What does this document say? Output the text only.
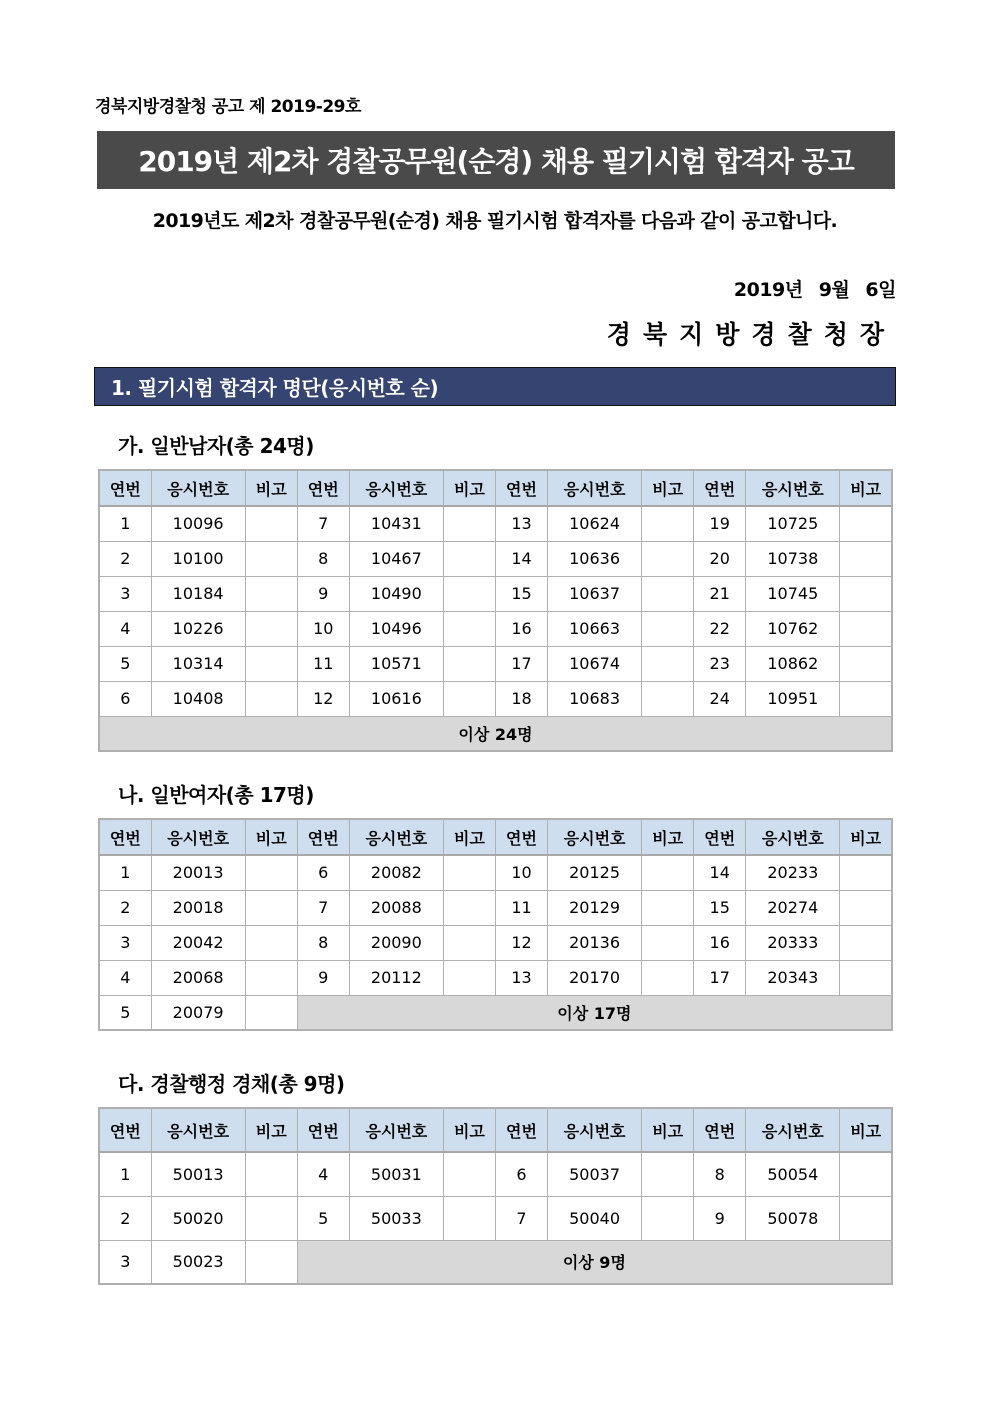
경북지방경찰청 공고 제 2019-29호
2019년 제2차 경찰공무원(순경) 채용 필기시험 합격자 공고
2019년도 제2차 경찰공무원(순경) 채용 필기시험 합격자를 다음과 같이 공고합니다.
2019년 9월 6일
경북지방경찰청장
1. 필기시험 합격자 명단(응시번호 순)
가. 일반남자(총 24명)
연번	응시번호	비고	연번	응시번호	비고	연번	응시번호	비고	연번	응시번호	비고
1	10096		7	10431		13	10624		19	10725	
2	10100		8	10467		14	10636		20	10738	
3	10184		9	10490		15	10637		21	10745	
4	10226		10	10496		16	10663		22	10762	
5	10314		11	10571		17	10674		23	10862	
6	10408		12	10616		18	10683		24	10951	
이상 24명											
나. 일반여자(총 17명)
연번	응시번호	비고	연번	응시번호	비고	연번	응시번호	비고	연번	응시번호	비고
1	20013		6	20082		10	20125		14	20233	
2	20018		7	20088		11	20129		15	20274	
3	20042		8	20090		12	20136		16	20333	
4	20068		9	20112		13	20170		17	20343	
5	20079		이상 17명								
다. 경찰행정 경채(총 9명)
연번	응시번호	비고	연번	응시번호	비고	연번	응시번호	비고	연번	응시번호	비고
1	50013		4	50031		6	50037		8	50054	
2	50020		5	50033		7	50040		9	50078	
3	50023		이상 9명								
